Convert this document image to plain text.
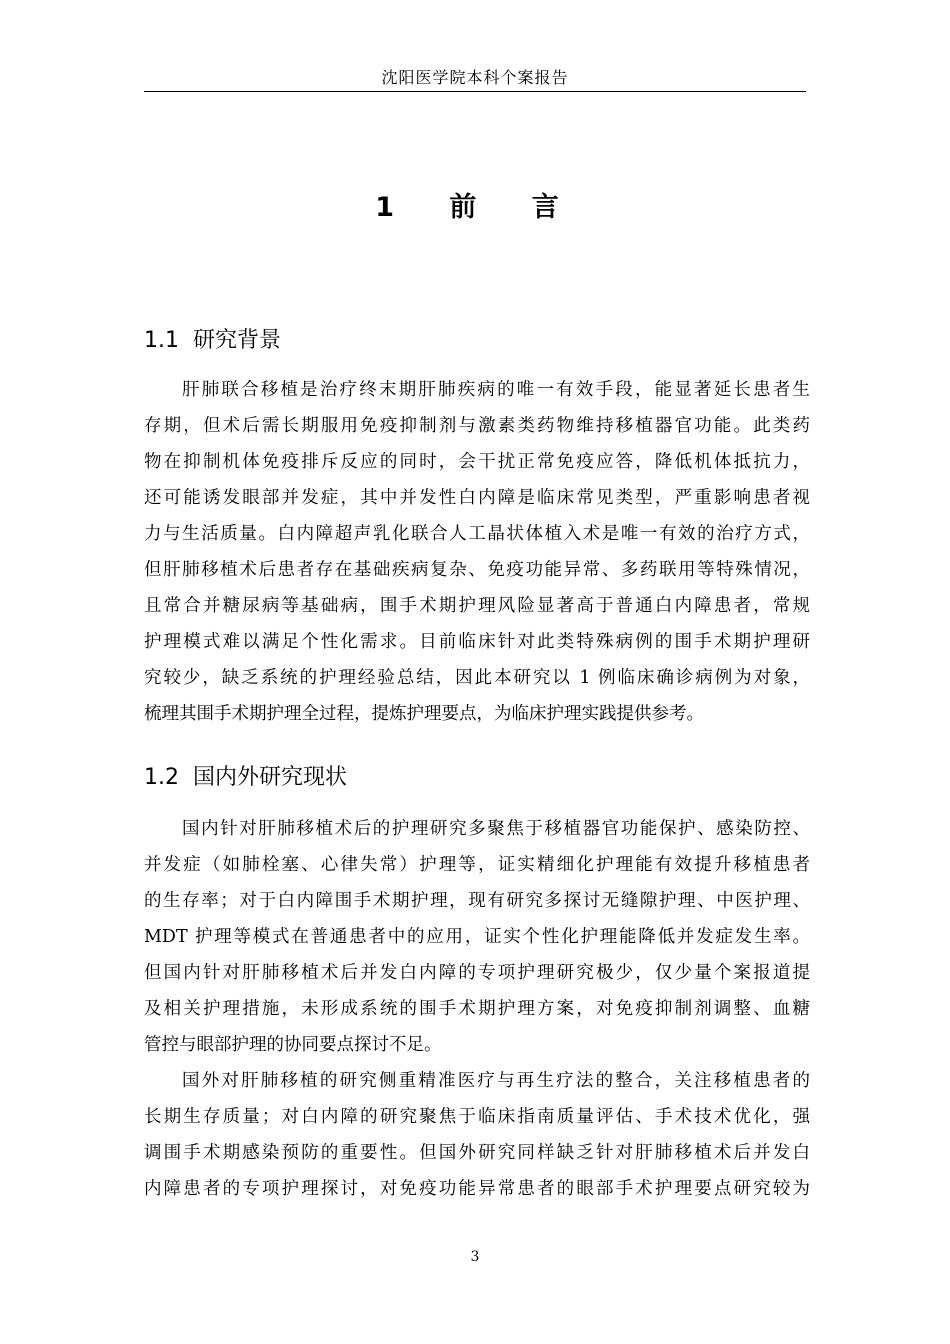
沈阳医学院本科个案报告
1 前 言
1.1 研究背景
肝肺联合移植是治疗终末期肝肺疾病的唯一有效手段，能显著延长患者生
存期，但术后需长期服用免疫抑制剂与激素类药物维持移植器官功能。此类药
物在抑制机体免疫排斥反应的同时，会干扰正常免疫应答，降低机体抵抗力，
还可能诱发眼部并发症，其中并发性白内障是临床常见类型，严重影响患者视
力与生活质量。白内障超声乳化联合人工晶状体植入术是唯一有效的治疗方式，
但肝肺移植术后患者存在基础疾病复杂、免疫功能异常、多药联用等特殊情况，
且常合并糖尿病等基础病，围手术期护理风险显著高于普通白内障患者，常规
护理模式难以满足个性化需求。目前临床针对此类特殊病例的围手术期护理研
究较少，缺乏系统的护理经验总结，因此本研究以 1 例临床确诊病例为对象，
梳理其围手术期护理全过程，提炼护理要点，为临床护理实践提供参考。
1.2 国内外研究现状
国内针对肝肺移植术后的护理研究多聚焦于移植器官功能保护、感染防控、
并发症（如肺栓塞、心律失常）护理等，证实精细化护理能有效提升移植患者
的生存率；对于白内障围手术期护理，现有研究多探讨无缝隙护理、中医护理、
MDT 护理等模式在普通患者中的应用，证实个性化护理能降低并发症发生率。
但国内针对肝肺移植术后并发白内障的专项护理研究极少，仅少量个案报道提
及相关护理措施，未形成系统的围手术期护理方案，对免疫抑制剂调整、血糖
管控与眼部护理的协同要点探讨不足。
国外对肝肺移植的研究侧重精准医疗与再生疗法的整合，关注移植患者的
长期生存质量；对白内障的研究聚焦于临床指南质量评估、手术技术优化，强
调围手术期感染预防的重要性。但国外研究同样缺乏针对肝肺移植术后并发白
内障患者的专项护理探讨，对免疫功能异常患者的眼部手术护理要点研究较为
3
